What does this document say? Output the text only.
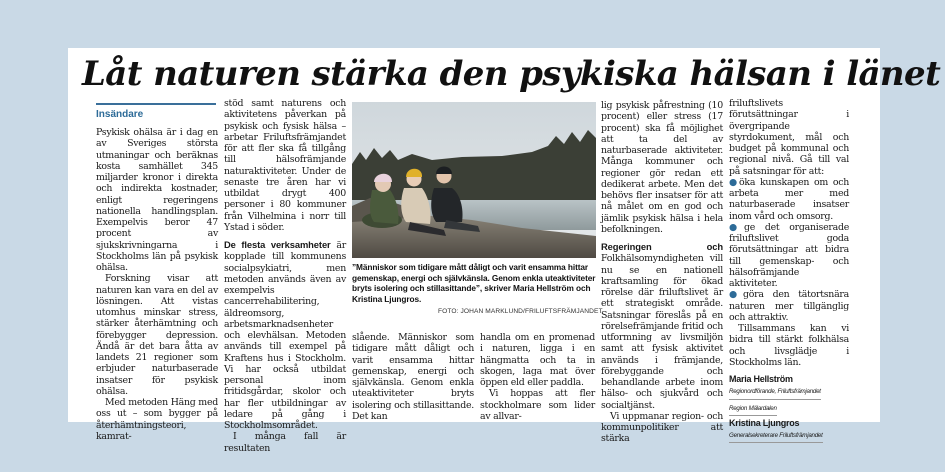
Låt naturen stärka den psykiska hälsan i länet
Insändare

Psykisk ohälsa är i dag en av Sveriges största utmaningar och beräknas kosta samhället 345 miljarder kronor i direkta och indirekta kostnader, enligt regeringens nationella handlingsplan. Exempelvis beror 47 procent av sjukskrivningarna i Stockholms län på psykisk ohälsa.

Forskning visar att naturen kan vara en del av lösningen. Att vistas utomhus minskar stress, stärker återhämtning och förebygger depression. Ändå är det bara åtta av landets 21 regioner som erbjuder naturbaserade insatser för psykisk ohälsa.

Med metoden Häng med oss ut – som bygger på återhämtningsteori, kamrat-

stöd samt naturens och aktivitetens påverkan på psykisk och fysisk hälsa – arbetar Friluftsfrämjandet för att fler ska få tillgång till hälsofrämjande naturaktiviteter. Under de senaste tre åren har vi utbildat drygt 400 personer i 80 kommuner från Vilhelmina i norr till Ystad i söder.

De flesta verksamheter är kopplade till kommunens socialpsykiatri, men metoden används även av exempelvis cancerrehabilitering, äldreomsorg, arbetsmarknadsenheter och elevhälsan. Metoden används till exempel på Kraftens hus i Stockholm. Vi har också utbildat personal inom fritidsgårdar, skolor och har fler utbildningar av ledare på gång i Stockholmsområdet.

I många fall är resultaten

”Människor som tidigare mått dåligt och varit ensamma hittar gemenskap, energi och självkänsla. Genom enkla uteaktiviteter bryts isolering och stillasittande”, skriver Maria Hellström och Kristina Ljungros.
FOTO: JOHAN MARKLUND/FRILUFTSFRÄMJANDET

slående. Människor som tidigare mått dåligt och varit ensamma hittar gemenskap, energi och självkänsla. Genom enkla uteaktiviteter bryts isolering och stillasittande. Det kan

handla om en promenad i naturen, ligga i en hängmatta och ta in skogen, laga mat över öppen eld eller paddla.

Vi hoppas att fler stockholmare som lider av allvar-

lig psykisk påfrestning (10 procent) eller stress (17 procent) ska få möjlighet att ta del av naturbaserade aktiviteter. Många kommuner och regioner gör redan ett dedikerat arbete. Men det behövs fler insatser för att nå målet om en god och jämlik psykisk hälsa i hela befolkningen.

Regeringen och Folkhälsomyndigheten vill nu se en nationell kraftsamling för ökad rörelse där friluftslivet är ett strategiskt område. Satsningar föreslås på en rörelsefrämjande fritid och utformning av livsmiljön samt att fysisk aktivitet används i främjande, förebyggande och behandlande arbete inom hälso- och sjukvård och socialtjänst.

Vi uppmanar region- och kommunpolitiker att stärka

friluftslivets förutsättningar i övergripande styrdokument, mål och budget på kommunal och regional nivå. Gå till val på satsningar för att:

●öka kunskapen om och arbeta mer med naturbaserade insatser inom vård och omsorg.

●ge det organiserade friluftslivet goda förutsättningar att bidra till gemenskap- och hälsofrämjande aktiviteter.

●göra den tätortsnära naturen mer tillgänglig och attraktiv.

Tillsammans kan vi bidra till stärkt folkhälsa och livsglädje i Stockholms län.

Maria Hellström
Regionordförande, Friluftsfrämjandet
Region Mälardalen
Kristina Ljungros
Generalsekreterare Friluftsfrämjandet
